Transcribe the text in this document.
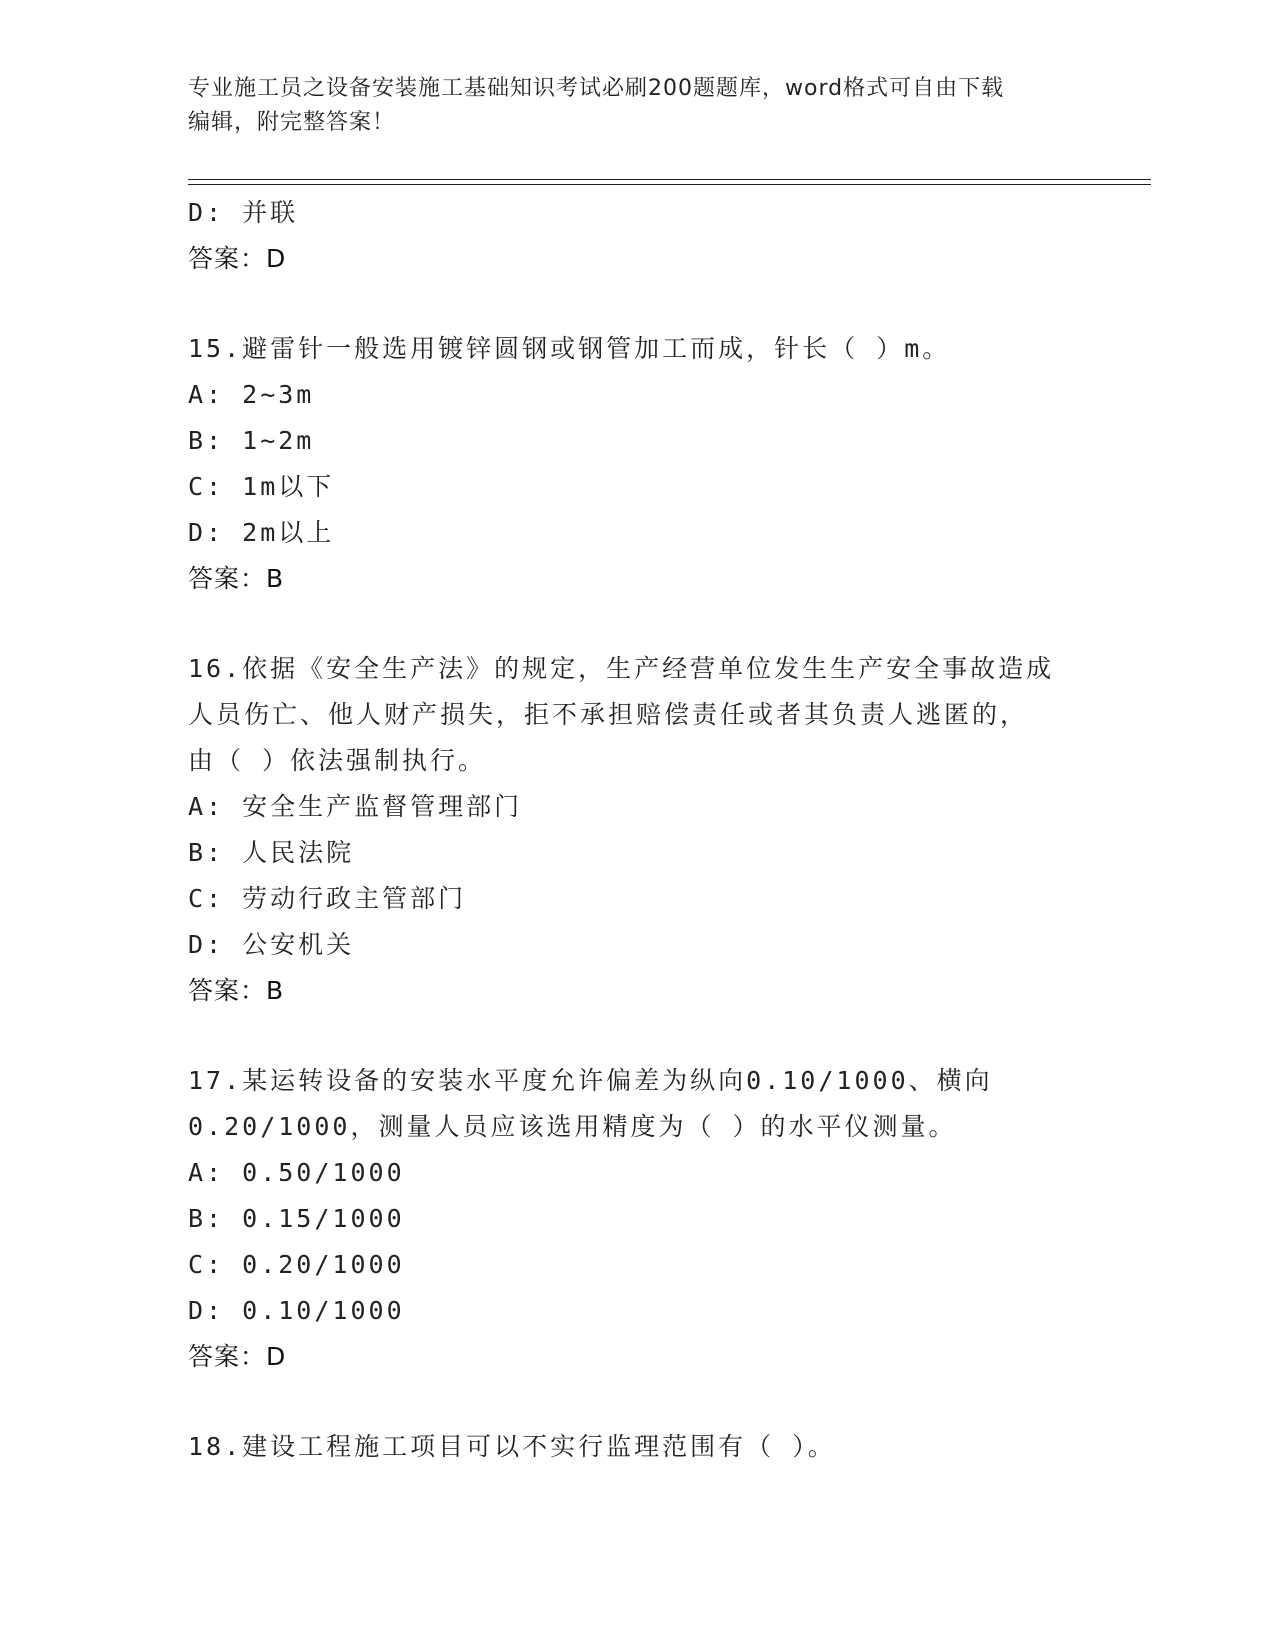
专业施工员之设备安装施工基础知识考试必刷200题题库，word格式可自由下载
编辑，附完整答案！
D: 并联
答案：D
15.避雷针一般选用镀锌圆钢或钢管加工而成，针长（ ）m。
A: 2~3m
B: 1~2m
C: 1m以下
D: 2m以上
答案：B
16.依据《安全生产法》的规定，生产经营单位发生生产安全事故造成
人员伤亡、他人财产损失，拒不承担赔偿责任或者其负责人逃匿的，
由（ ）依法强制执行。
A: 安全生产监督管理部门
B: 人民法院
C: 劳动行政主管部门
D: 公安机关
答案：B
17.某运转设备的安装水平度允许偏差为纵向0.10/1000、横向
0.20/1000，测量人员应该选用精度为（ ）的水平仪测量。
A: 0.50/1000
B: 0.15/1000
C: 0.20/1000
D: 0.10/1000
答案：D
18.建设工程施工项目可以不实行监理范围有（ ）。
